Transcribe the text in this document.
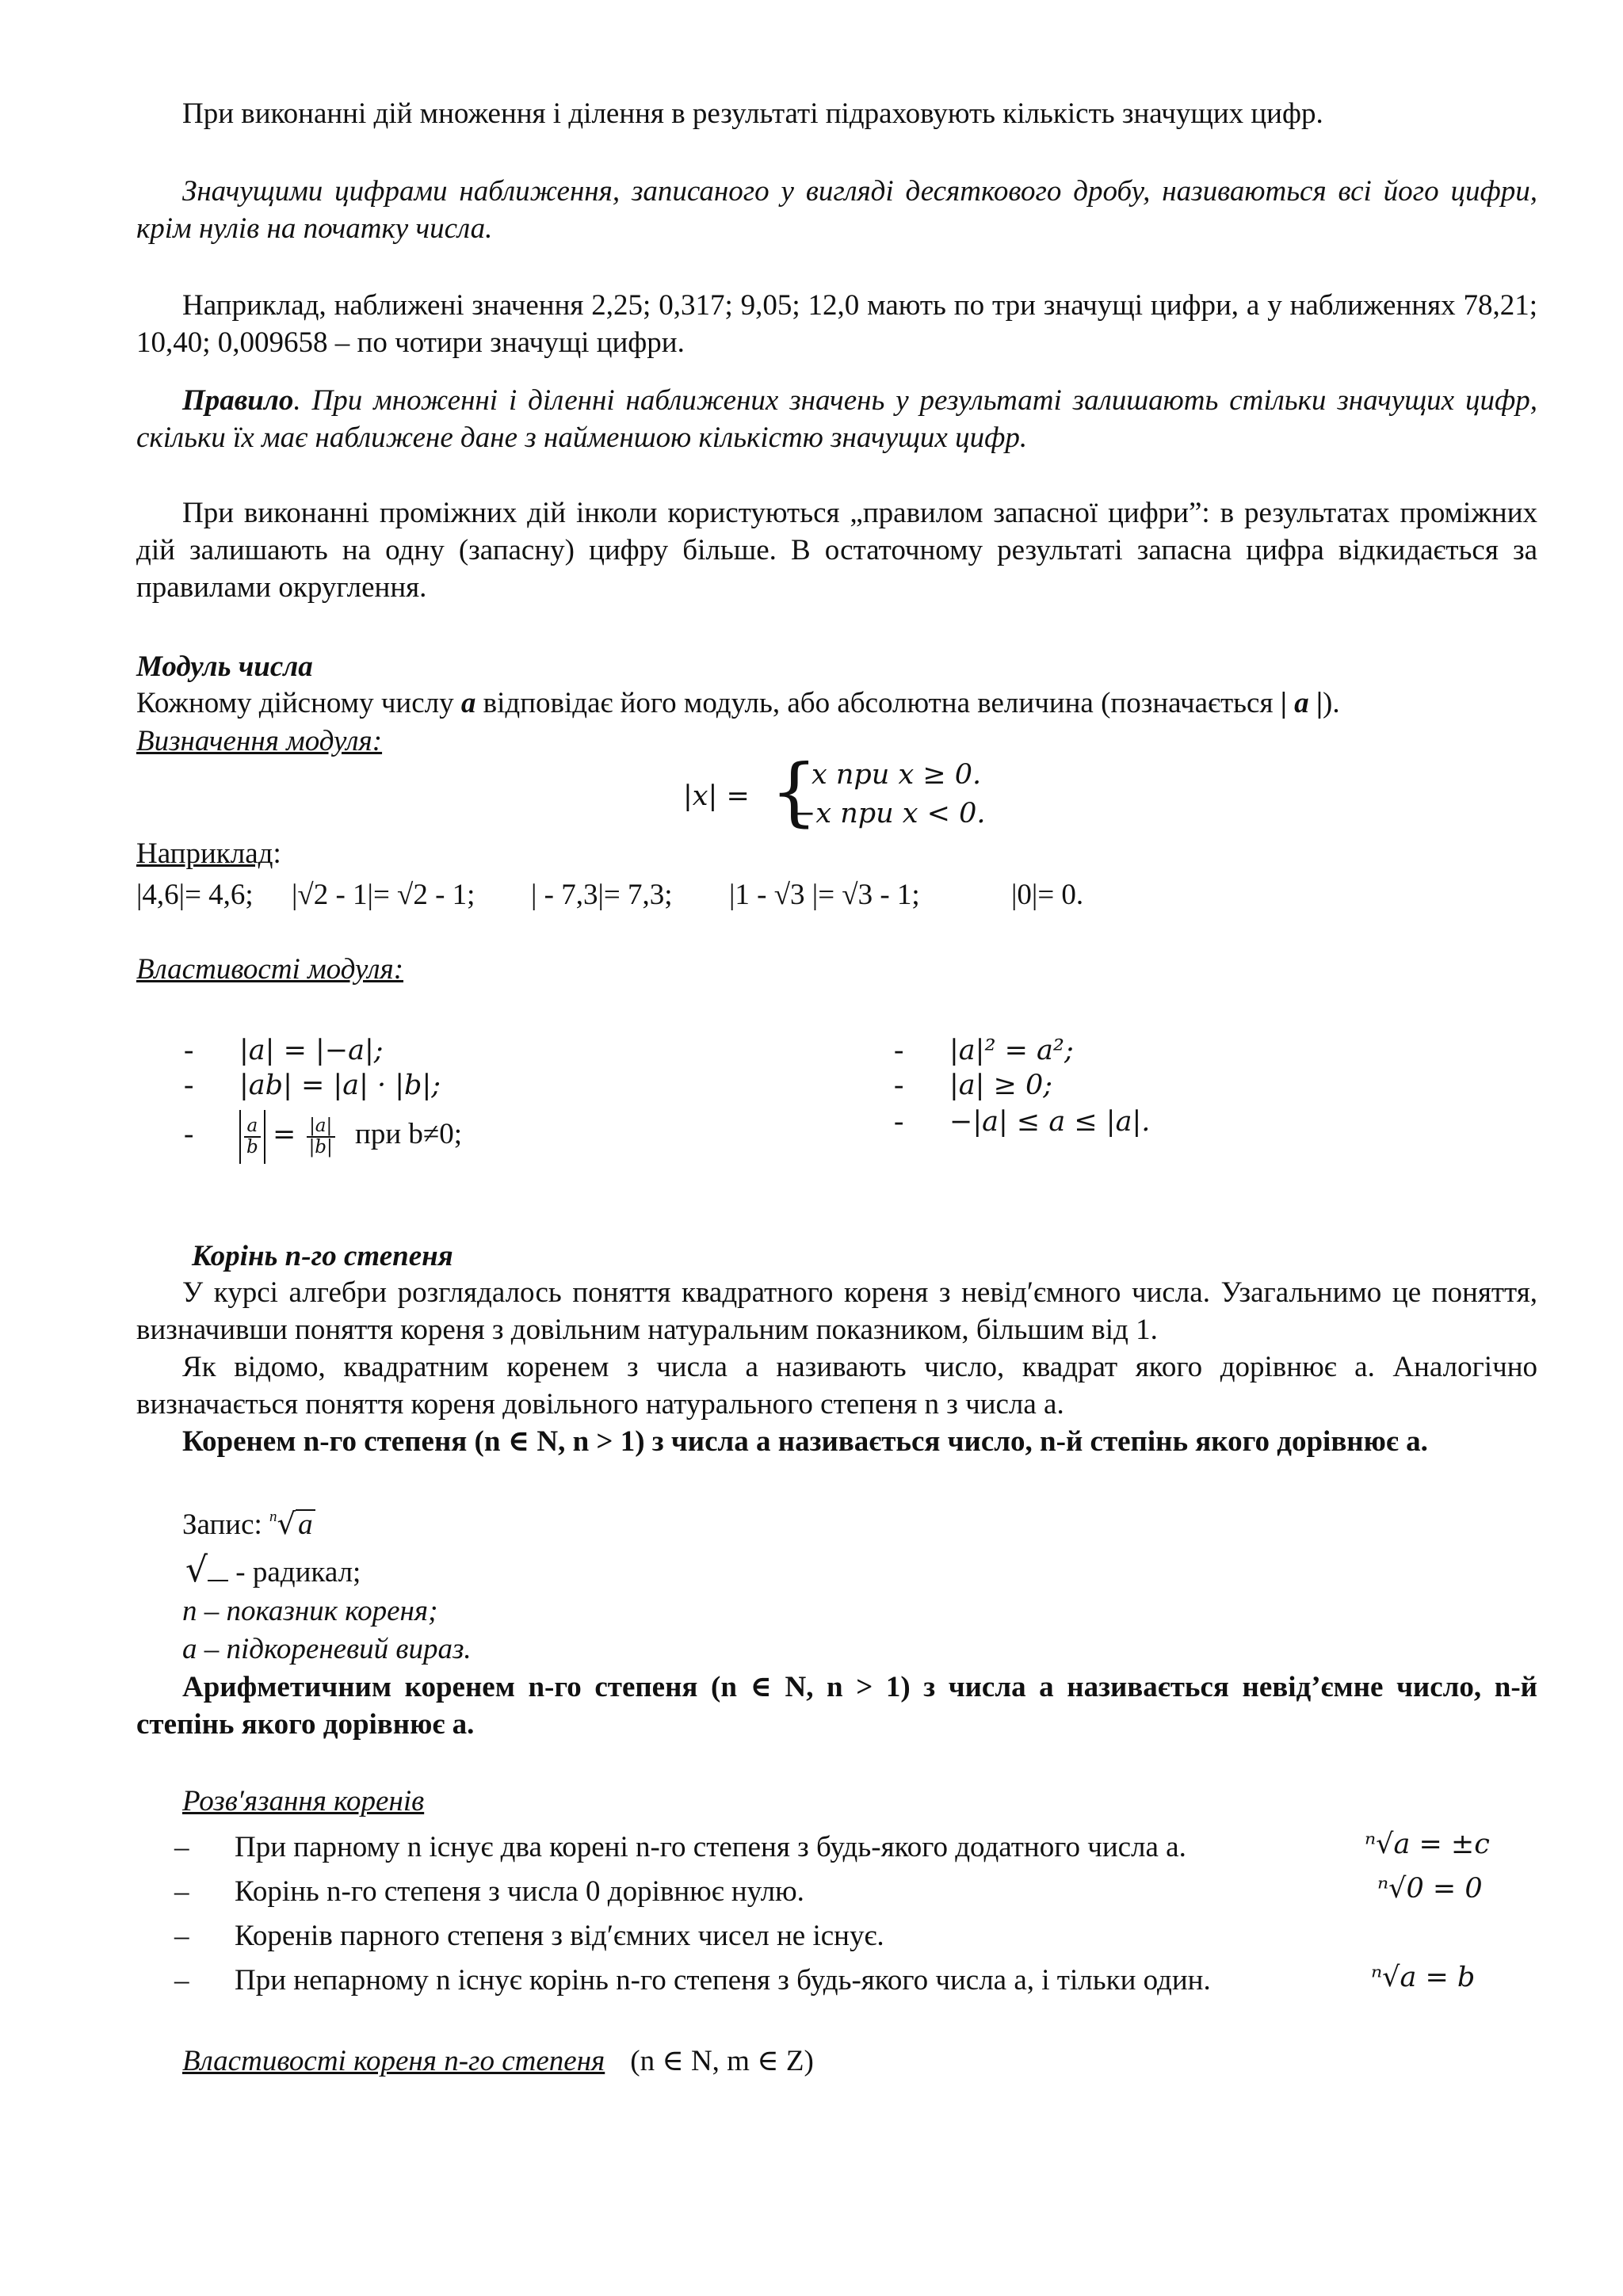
При виконанні дій множення і ділення в результаті підраховують кількість значущих цифр.
Значущими цифрами наближення, записаного у вигляді десяткового дробу, називаються всі його цифри, крім нулів на початку числа.
Наприклад, наближені значення 2,25; 0,317; 9,05; 12,0 мають по три значущі цифри, а у наближеннях 78,21; 10,40; 0,009658 – по чотири значущі цифри.
Правило. При множенні і діленні наближених значень у результаті залишають стільки значущих цифр, скільки їх має наближене дане з найменшою кількістю значущих цифр.
При виконанні проміжних дій інколи користуються „правилом запасної цифри”: в результатах проміжних дій залишають на одну (запасну) цифру більше. В остаточному результаті запасна цифра відкидається за правилами округлення.
Модуль числа
Кожному дійсному числу a відповідає його модуль, або абсолютна величина (позначається | a |).
Визначення модуля:
|x| = {
x при x ≥ 0.
−x при x < 0.
Наприклад:
|4,6|= 4,6; |√2 - 1|= √2 - 1; | - 7,3|= 7,3; |1 - √3 |= √3 - 1;	|0|= 0.
Властивості модуля:
- |a| = |−a|;
- |ab| = |a| · |b|;
-	$\frac{a}{b} = \frac{|a|}{|b|}$ при b≠0;
- |a|² = a²;
- |a| ≥ 0;
- −|a| ≤ a ≤ |a|.
Корінь n-го степеня
У курсі алгебри розглядалось поняття квадратного кореня з невід′ємного числа. Узагальнимо це поняття, визначивши поняття кореня з довільним натуральним показником, більшим від 1.
Як відомо, квадратним коренем з числа a називають число, квадрат якого дорівнює a. Аналогічно визначається поняття кореня довільного натурального степеня n з числа a.
Коренем n-го степеня (n ∈ N, n > 1) з числа a називається число, n-й степінь якого дорівнює a.
Запис: $^n$√a
√ - радикал;
n – показник кореня;
a – підкореневий вираз.
Арифметичним коренем n-го степеня (n ∈ N, n > 1) з числа a називається невід’ємне число, n-й степінь якого дорівнює a.
Розв′язання коренів
– При парному n існує два корені n-го степеня з будь-якого додатного числа a.	ⁿ√a = ±c
– Корінь n-го степеня з числа 0 дорівнює нулю.	ⁿ√0 = 0
– Коренів парного степеня з від′ємних чисел не існує.
– При непарному n існує корінь n-го степеня з будь-якого числа a, і тільки один.	ⁿ√a = b
Властивості кореня n-го степеня (n ∈ N, m ∈ Z)
